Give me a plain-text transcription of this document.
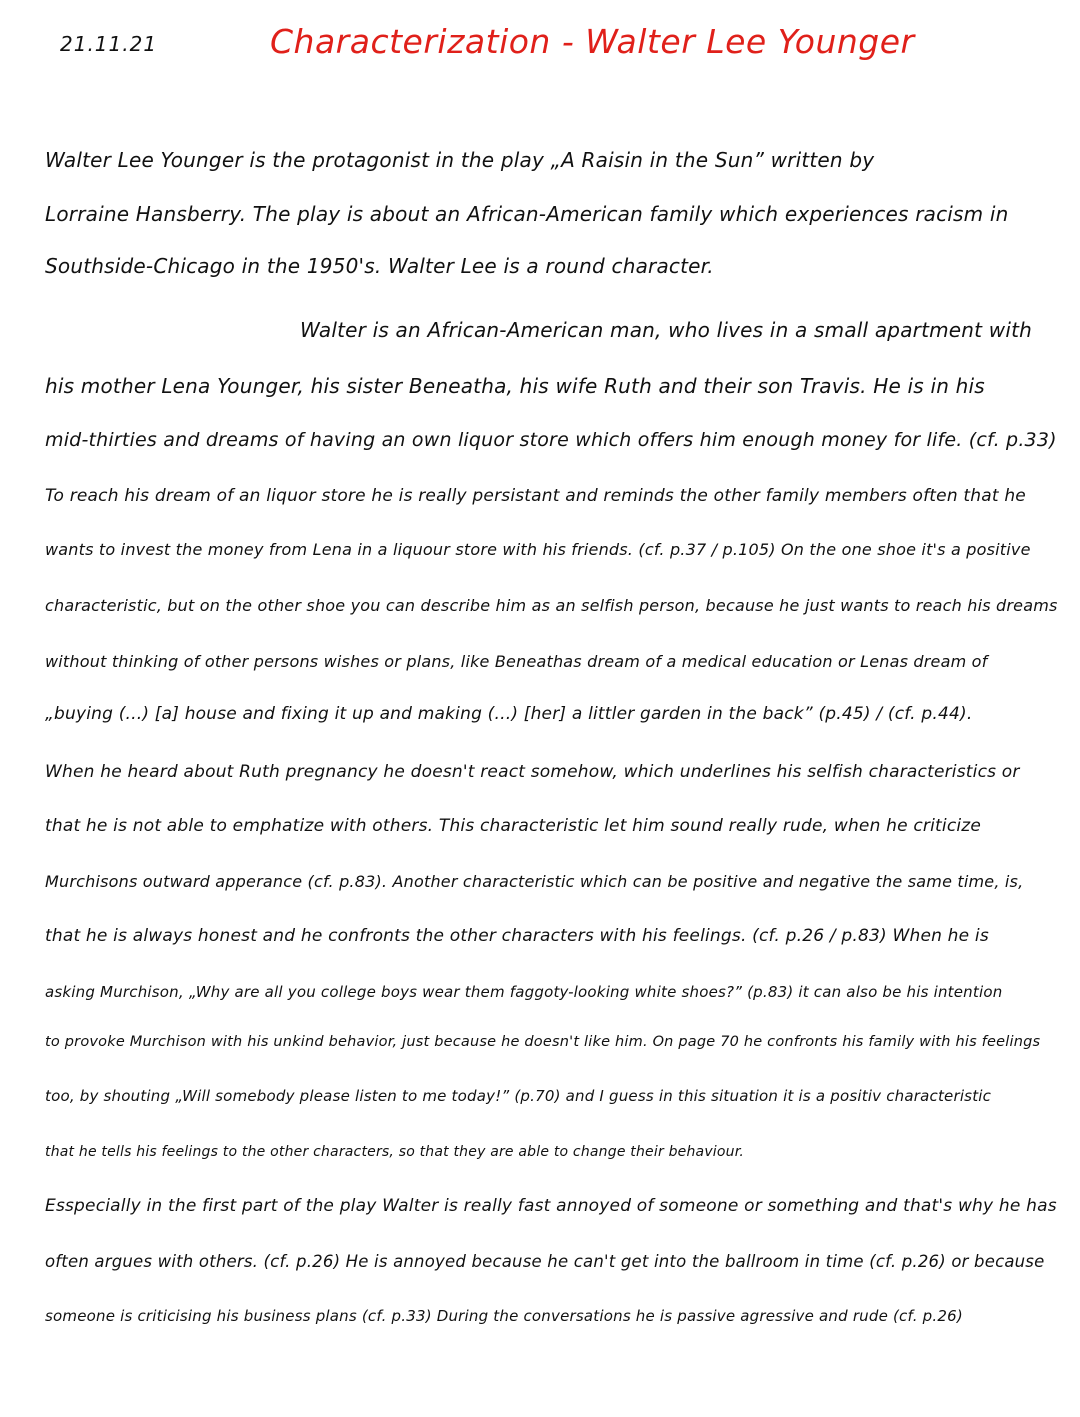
21.11.21	Characterization - Walter Lee Younger
Walter Lee Younger is the protagonist in the play „A Raisin in the Sun” written by
Lorraine Hansberry. The play is about an African-American family which experiences racism in
Southside-Chicago in the 1950's. Walter Lee is a round character.
Walter is an African-American man, who lives in a small apartment with
his mother Lena Younger, his sister Beneatha, his wife Ruth and their son Travis. He is in his
mid-thirties and dreams of having an own liquor store which offers him enough money for life. (cf. p.33)
To reach his dream of an liquor store he is really persistant and reminds the other family members often that he
wants to invest the money from Lena in a liquour store with his friends. (cf. p.37 / p.105) On the one shoe it's a positive
characteristic, but on the other shoe you can describe him as an selfish person, because he just wants to reach his dreams
without thinking of other persons wishes or plans, like Beneathas dream of a medical education or Lenas dream of
„buying (...) [a] house and fixing it up and making (...) [her] a littler garden in the back” (p.45) / (cf. p.44).
When he heard about Ruth pregnancy he doesn't react somehow, which underlines his selfish characteristics or
that he is not able to emphatize with others. This characteristic let him sound really rude, when he criticize
Murchisons outward apperance (cf. p.83). Another characteristic which can be positive and negative the same time, is,
that he is always honest and he confronts the other characters with his feelings. (cf. p.26 / p.83) When he is
asking Murchison, „Why are all you college boys wear them faggoty-looking white shoes?” (p.83) it can also be his intention
to provoke Murchison with his unkind behavior, just because he doesn't like him. On page 70 he confronts his family with his feelings
too, by shouting „Will somebody please listen to me today!” (p.70) and I guess in this situation it is a positiv characteristic
that he tells his feelings to the other characters, so that they are able to change their behaviour.
Esspecially in the first part of the play Walter is really fast annoyed of someone or something and that's why he has
often argues with others. (cf. p.26) He is annoyed because he can't get into the ballroom in time (cf. p.26) or because
someone is criticising his business plans (cf. p.33) During the conversations he is passive agressive and rude (cf. p.26)
